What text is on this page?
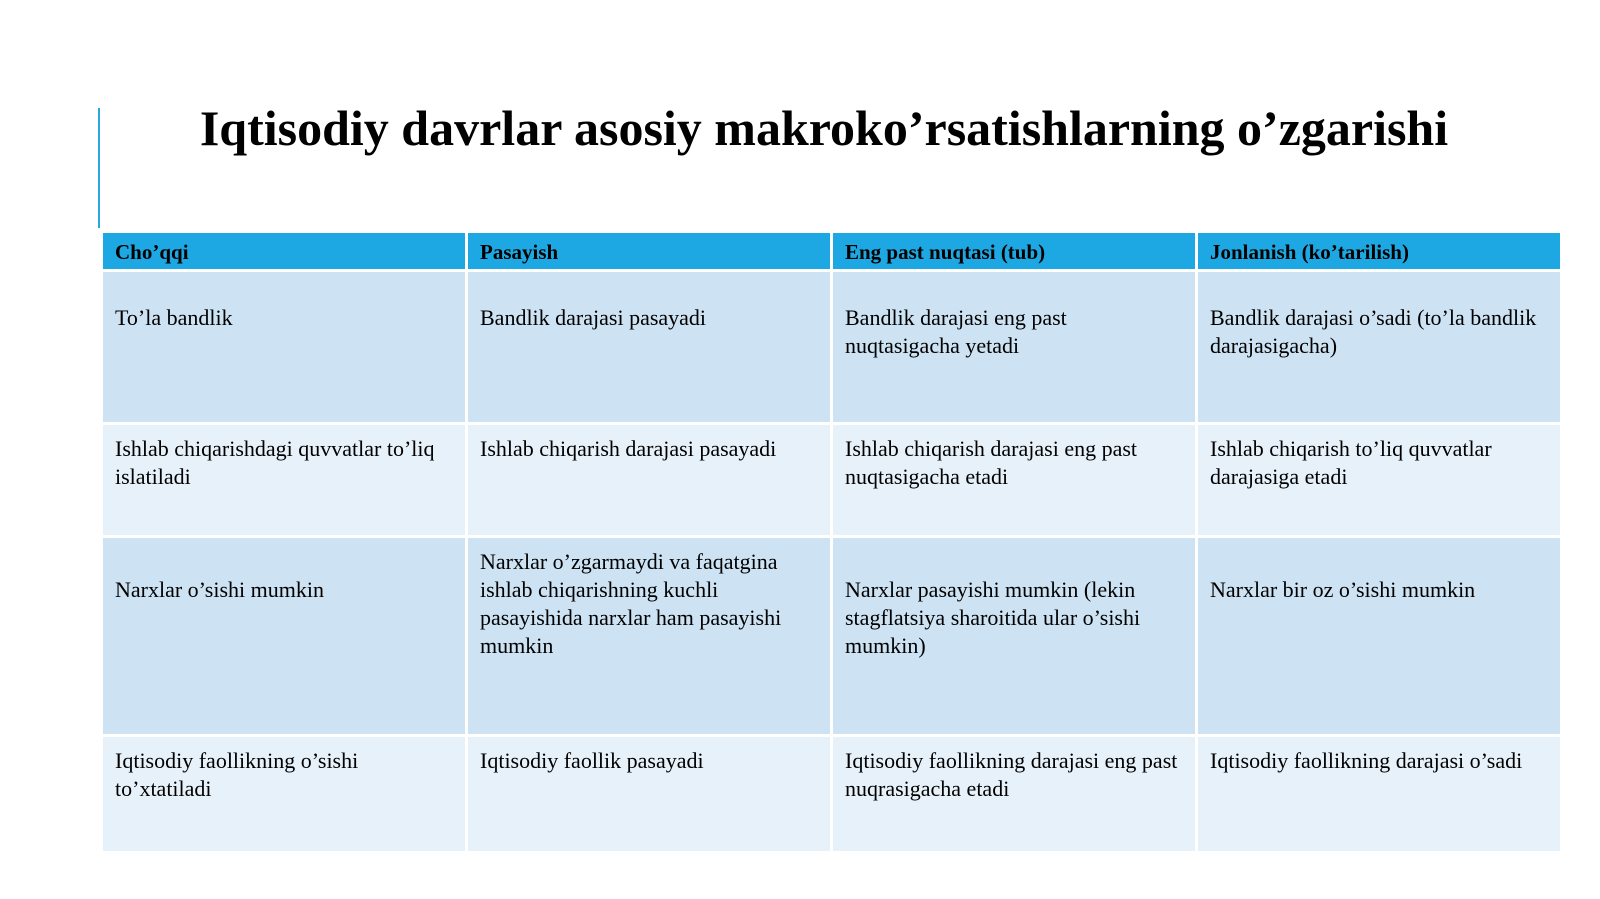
Iqtisodiy davrlar asosiy makroko’rsatishlarning o’zgarishi
Cho’qqi	Pasayish	Eng past nuqtasi (tub)	Jonlanish (ko’tarilish)
To’la bandlik	Bandlik darajasi pasayadi	Bandlik darajasi eng past nuqtasigacha yetadi	Bandlik darajasi o’sadi (to’la bandlik darajasigacha)
Ishlab chiqarishdagi quvvatlar to’liq islatiladi	Ishlab chiqarish darajasi pasayadi	Ishlab chiqarish darajasi eng past nuqtasigacha etadi	Ishlab chiqarish to’liq quvvatlar darajasiga etadi
Narxlar o’sishi mumkin	Narxlar o’zgarmaydi va faqatgina ishlab chiqarishning kuchli pasayishida narxlar ham pasayishi mumkin	Narxlar pasayishi mumkin (lekin stagflatsiya sharoitida ular o’sishi mumkin)	Narxlar bir oz o’sishi mumkin
Iqtisodiy faollikning o’sishi to’xtatiladi	Iqtisodiy faollik pasayadi	Iqtisodiy faollikning darajasi eng past nuqrasigacha etadi	Iqtisodiy faollikning darajasi o’sadi
